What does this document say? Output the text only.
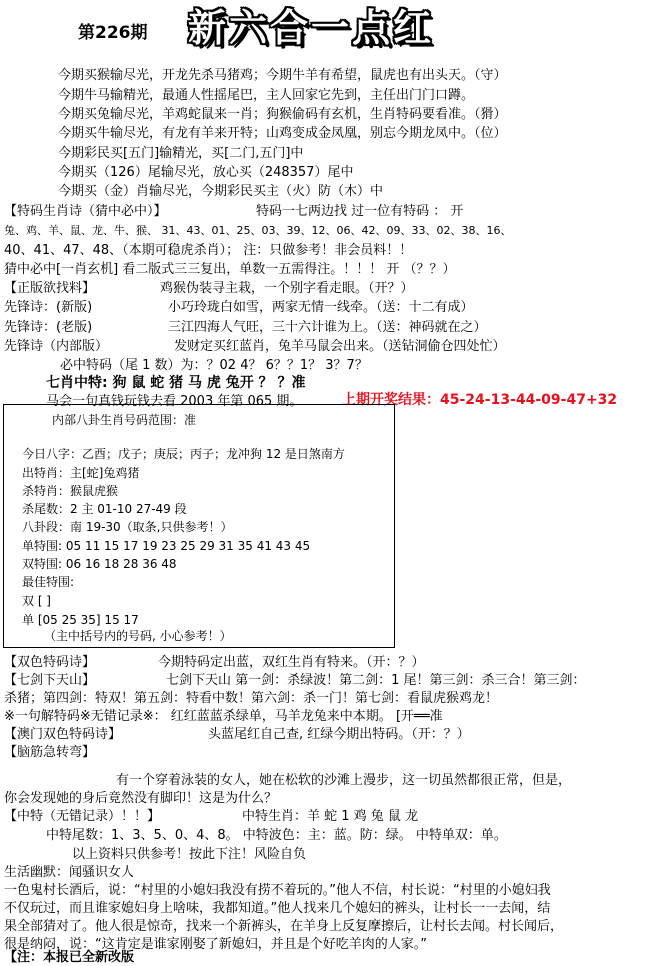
第226期 新六合一点红
今期买猴输尽光，开龙先杀马猪鸡；今期牛羊有希望，鼠虎也有出头天。（守）
今期牛马输精光，最通人性摇尾巴，主人回家它先到，主任出门门口蹲。
今期买兔输尽光，羊鸡蛇鼠来一肖；狗猴偷码有玄机，生肖特码要看准。（猾）
今期买牛输尽光，有龙有羊来开特；山鸡变成金凤凰，别忘今期龙凤中。（位）
今期彩民买[五门]输精光，买[二门,五门]中
今期买（126）尾输尽光，放心买（248357）尾中
今期买（金）肖输尽光，今期彩民买主（火）防（木）中
【特码生肖诗（猜中必中）】	特码一七两边找 过一位有特码 ： 开
兔、鸡、羊、鼠、龙、牛、猴、 31、43、01、25、03、39、12、06、42、09、33、02、38、16、
40、41、47、48、（本期可稳虎杀肖）； 注：只做参考！非会员料！！
猜中必中[一肖玄机] 看二版式三三复出，单数一五需得注。！！！ 开 （？？）
【正版欲找料】	鸡猴伪装寻主栽，一个别字看走眼。（开？）
先锋诗：(新版)	小巧玲珑白如雪，两家无情一线牵。（送：十二有成）
先锋诗：(老版)	三江四海人气旺，三十六计谁为上。（送：神码就在之）
先锋诗（内部版）	发财定买红蓝肖，兔羊马鼠会出来。（送钻洞偷仓四处忙）
必中特码（尾 1 数）为：？02 4？ 6？？1？ 3？7？
七肖中特: 狗 鼠 蛇 猪 马 虎 兔开 ？ ？准
马会一句真钱玩钱去看 2003 年第 065 期。	上期开奖结果： 45-24-13-44-09-47+32
内部八卦生肖号码范围：准
今日八字：乙酉；戊子；庚辰；丙子；龙冲狗 12 是日煞南方
出特肖：主[蛇]兔鸡猪
杀特肖：猴鼠虎猴
杀尾数：2 主 01-10 27-49 段
八卦段：南 19-30（取条,只供参考！）
单特围: 05 11 15 17 19 23 25 29 31 35 41 43 45
双特围: 06 16 18 28 36 48
最佳特围:
双 [ ]
单 [05 25 35] 15 17
（主中括号内的号码, 小心参考！）
【双色特码诗】	今期特码定出蓝，双红生肖有特来。（开：？）
【七剑下天山】	七剑下天山 第一剑：杀绿波！第二剑：1 尾！第三剑：杀三合！第三剑：
杀猪；第四剑：特双！第五剑：特看中数！第六剑：杀一门！第七剑：看鼠虎猴鸡龙！
※一句解特码※无错记录※： 红红蓝蓝杀绿单，马羊龙兔来中本期。 [开══准
【澳门双色特码诗】	头蓝尾红自己查, 红绿今期出特码。（开：？）
【脑筋急转弯】
有一个穿着泳装的女人，她在松软的沙滩上漫步，这一切虽然都很正常，但是，
你会发现她的身后竟然没有脚印！这是为什么？
【中特（无错记录）！！】	中特生肖：羊 蛇 1 鸡 兔 鼠 龙
中特尾数：1、3、5、0、4、8。 中特波色：主：蓝。防：绿。 中特单双：单。
以上资料只供参考！按此下注！风险自负
生活幽默：闻骚识女人
一色鬼村长酒后，说：“村里的小媳妇我没有捞不着玩的。”他人不信，村长说：“村里的小媳妇我
不仅玩过，而且谁家媳妇身上啥味，我都知道。”他人找来几个媳妇的裤头，让村长一一去闻，结
果全部猜对了。他人很是惊奇，找来一个新裤头，在羊身上反复摩擦后，让村长去闻。村长闻后，
很是纳闷，说：“这肯定是谁家刚娶了新媳妇，并且是个好吃羊肉的人家。”
【注：本报已全新改版
